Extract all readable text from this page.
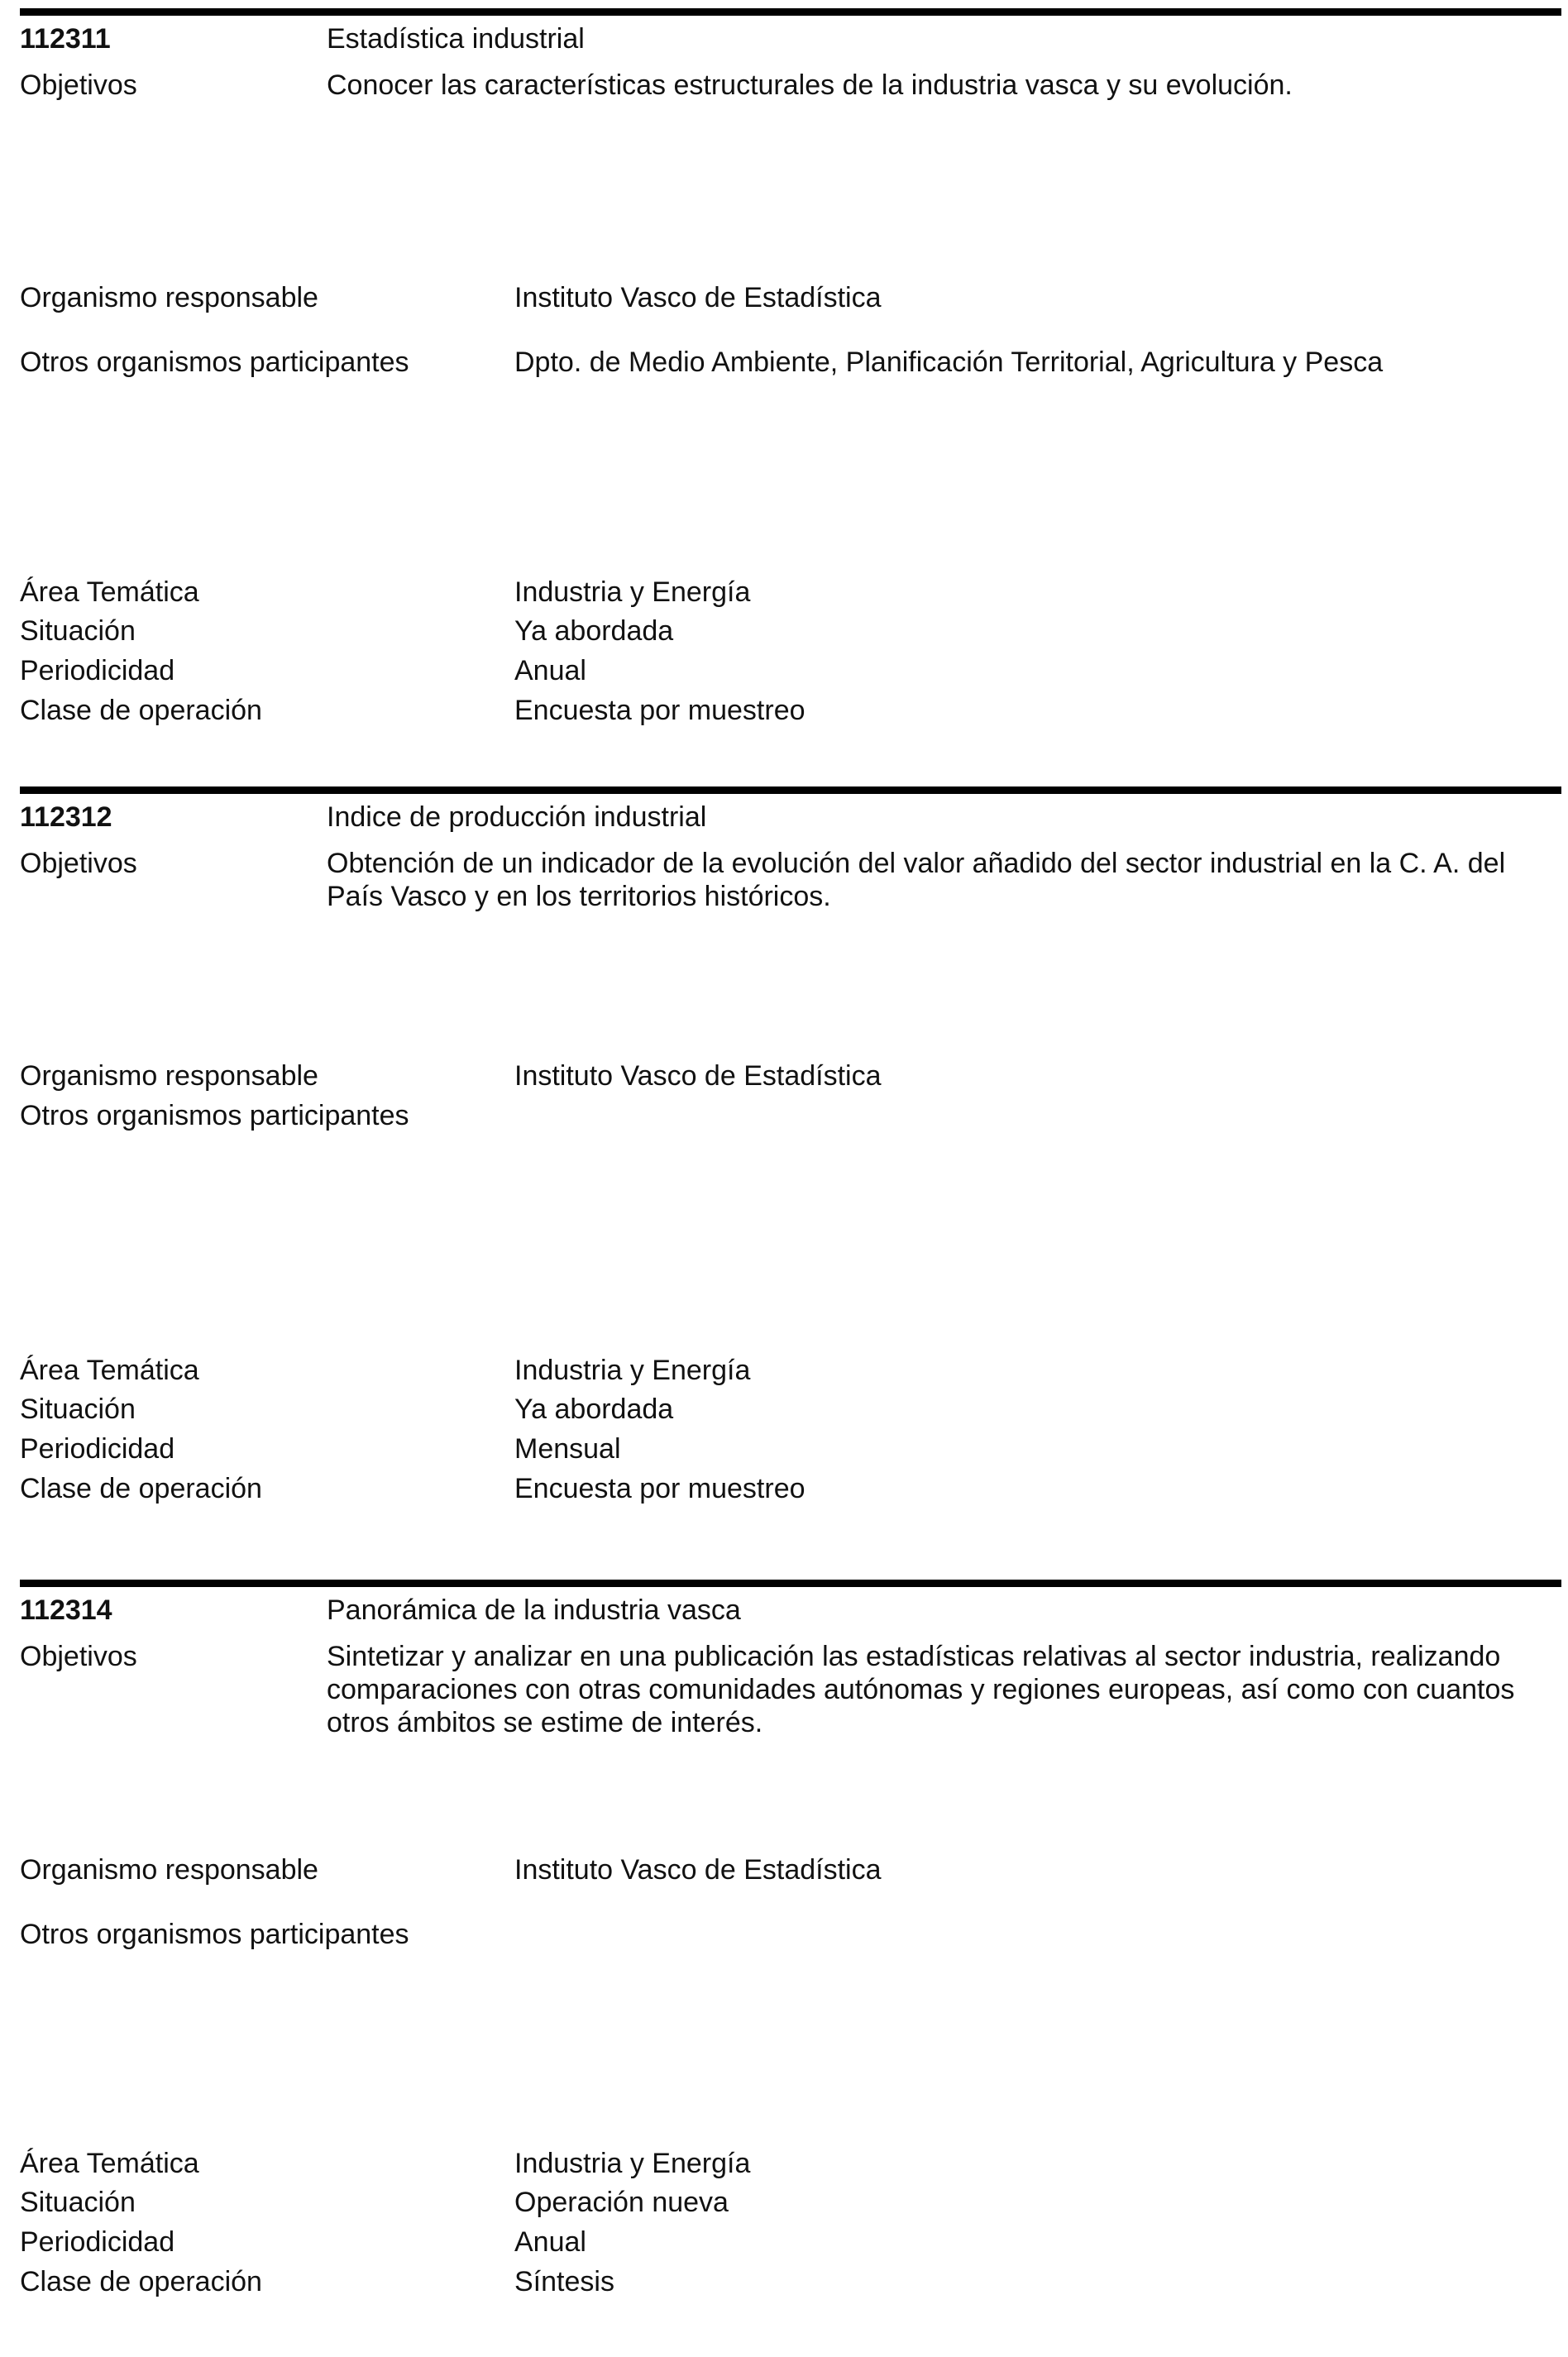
112311	Estadística industrial
Objetivos	Conocer las características estructurales de la industria vasca y su evolución.
Organismo responsable	Instituto Vasco de Estadística
Otros organismos participantes	Dpto. de Medio Ambiente, Planificación Territorial, Agricultura y Pesca
Área Temática	Industria y Energía
Situación	Ya abordada
Periodicidad	Anual
Clase de operación	Encuesta por muestreo
112312	Indice de producción industrial
Objetivos	Obtención de un indicador de la evolución del valor añadido del sector industrial en la C. A. del País Vasco y en los territorios históricos.
Organismo responsable	Instituto Vasco de Estadística
Otros organismos participantes
Área Temática	Industria y Energía
Situación	Ya abordada
Periodicidad	Mensual
Clase de operación	Encuesta por muestreo
112314	Panorámica de la industria vasca
Objetivos	Sintetizar y analizar en una publicación las estadísticas relativas al sector industria, realizando comparaciones con otras comunidades autónomas y regiones europeas, así como con cuantos otros ámbitos se estime de interés.
Organismo responsable	Instituto Vasco de Estadística
Otros organismos participantes
Área Temática	Industria y Energía
Situación	Operación nueva
Periodicidad	Anual
Clase de operación	Síntesis
